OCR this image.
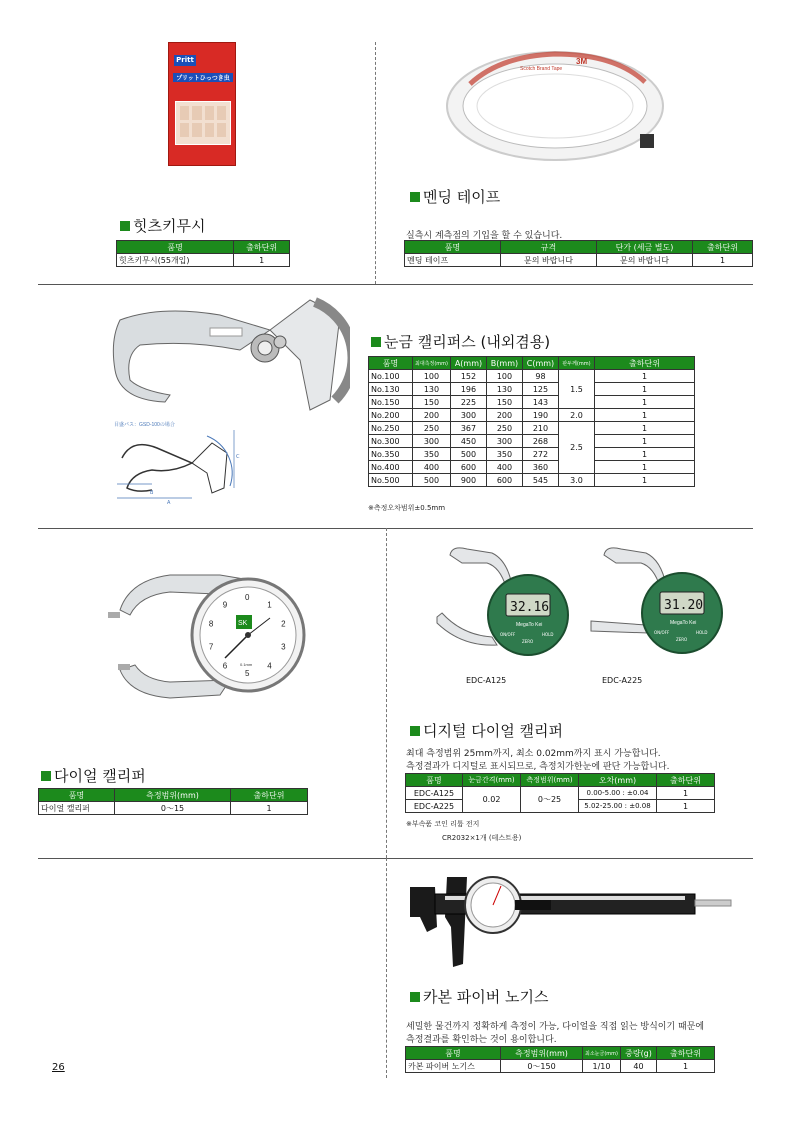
Pritt
プリットひっつき虫
힛츠키무시
품명	출하단위
힛츠키무시(55개입)	1
3M
Scotch Brand Tape
멘딩 테이프
실측시 계측점의 기입을 할 수 있습니다.
품명	규격	단가 (세금 별도)	출하단위
멘딩 테이프	문의 바랍니다	문의 바랍니다	1
目盛パス：GSD-100の場合
B
A
C
눈금 캘리퍼스 (내외겸용)
품명	최대측정(mm)	A(mm)	B(mm)	C(mm)	판두께(mm)	출하단위
No.100	100	152	100	98	1.5	1
No.130	130	196	130	125		1
No.150	150	225	150	143		1
No.200	200	300	200	190	2.0	1
No.250	250	367	250	210	2.5	1
No.300	300	450	300	268		1
No.350	350	500	350	272		1
No.400	400	600	400	360		1
No.500	500	900	600	545	3.0	1
※측정오차범위±0.5mm
SK
0.1mm
0
1
2
3
4
5
6
7
8
9
다이얼 캘리퍼
품명	측정범위(mm)	출하단위
다이얼 캘리퍼	0～15	1
32.16
MegaTo Kei
ON/OFF
ZERO
HOLD
31.20
MegaTo Kei
ON/OFF
ZERO
HOLD
EDC-A125	EDC-A225
디지털 다이얼 캘리퍼
최대 측정범위 25mm까지, 최소 0.02mm까지 표시 가능합니다.
측정결과가 디지털로 표시되므로, 측정치가한눈에 판단 가능합니다.
품명	눈금간격(mm)	측정범위(mm)	오차(mm)	출하단위
EDC-A125	0.02	0～25	0.00-5.00 : ±0.04	1
EDC-A225			5.02-25.00 : ±0.08	1
※부속품 코인 리튬 전지
CR2032×1개 (테스트용)
카본 파이버 노기스
세밀한 물건까지 정확하게 측정이 가능, 다이얼을 직접 읽는 방식이기 때문에
측정결과를 확인하는 것이 용이합니다.
품명	측정범위(mm)	최소눈금(mm)	중량(g)	출하단위
카본 파이버 노기스	0～150	1/10	40	1
26
